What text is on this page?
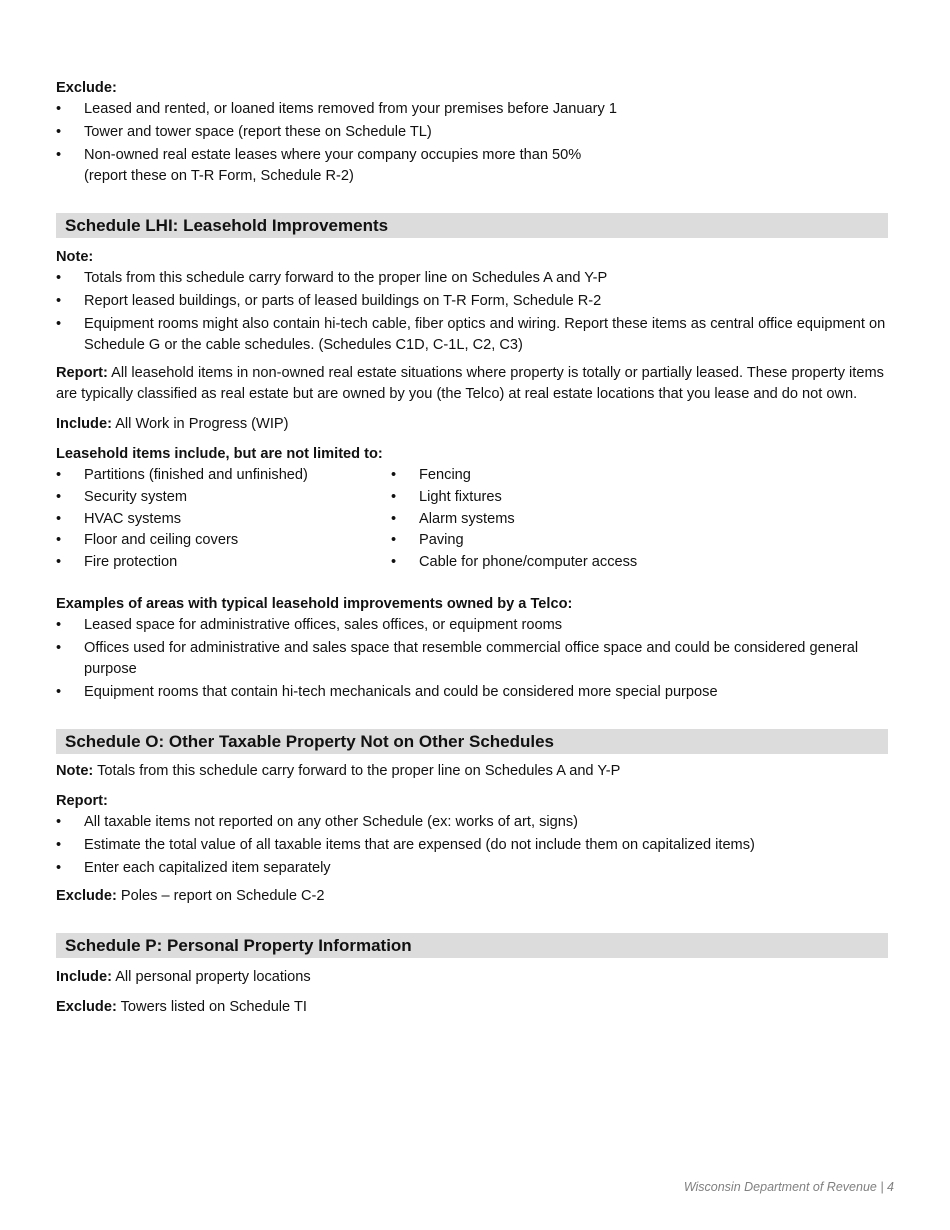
Exclude:

•	Leased and rented, or loaned items removed from your premises before January 1
•	Tower and tower space (report these on Schedule TL)
•	Non-owned real estate leases where your company occupies more than 50%
(report these on T-R Form, Schedule R-2)
Schedule LHI: Leasehold Improvements

Note:

•	Totals from this schedule carry forward to the proper line on Schedules A and Y-P
•	Report leased buildings, or parts of leased buildings on T-R Form, Schedule R-2
•	Equipment rooms might also contain hi-tech cable, fiber optics and wiring. Report these items as central office equipment on Schedule G or the cable schedules. (Schedules C1D, C-1L, C2, C3)

Report: All leasehold items in non-owned real estate situations where property is totally or partially leased. These property items are typically classified as real estate but are owned by you (the Telco) at real estate locations that you lease and do not own.

Include: All Work in Progress (WIP)

Leasehold items include, but are not limited to:

•	Partitions (finished and unfinished)
•	Security system
•	HVAC systems
•	Floor and ceiling covers
•	Fire protection
•	Fencing
•	Light fixtures
•	Alarm systems
•	Paving
•	Cable for phone/computer access

Examples of areas with typical leasehold improvements owned by a Telco:

•	Leased space for administrative offices, sales offices, or equipment rooms
•	Offices used for administrative and sales space that resemble commercial office space and could be considered general purpose
•	Equipment rooms that contain hi-tech mechanicals and could be considered more special purpose
Schedule O: Other Taxable Property Not on Other Schedules

Note: Totals from this schedule carry forward to the proper line on Schedules A and Y-P

Report:

•	All taxable items not reported on any other Schedule (ex: works of art, signs)
•	Estimate the total value of all taxable items that are expensed (do not include them on capitalized items)
•	Enter each capitalized item separately

Exclude: Poles – report on Schedule C-2

Schedule P: Personal Property Information

Include: All personal property locations

Exclude: Towers listed on Schedule TI

Wisconsin Department of Revenue | 4
